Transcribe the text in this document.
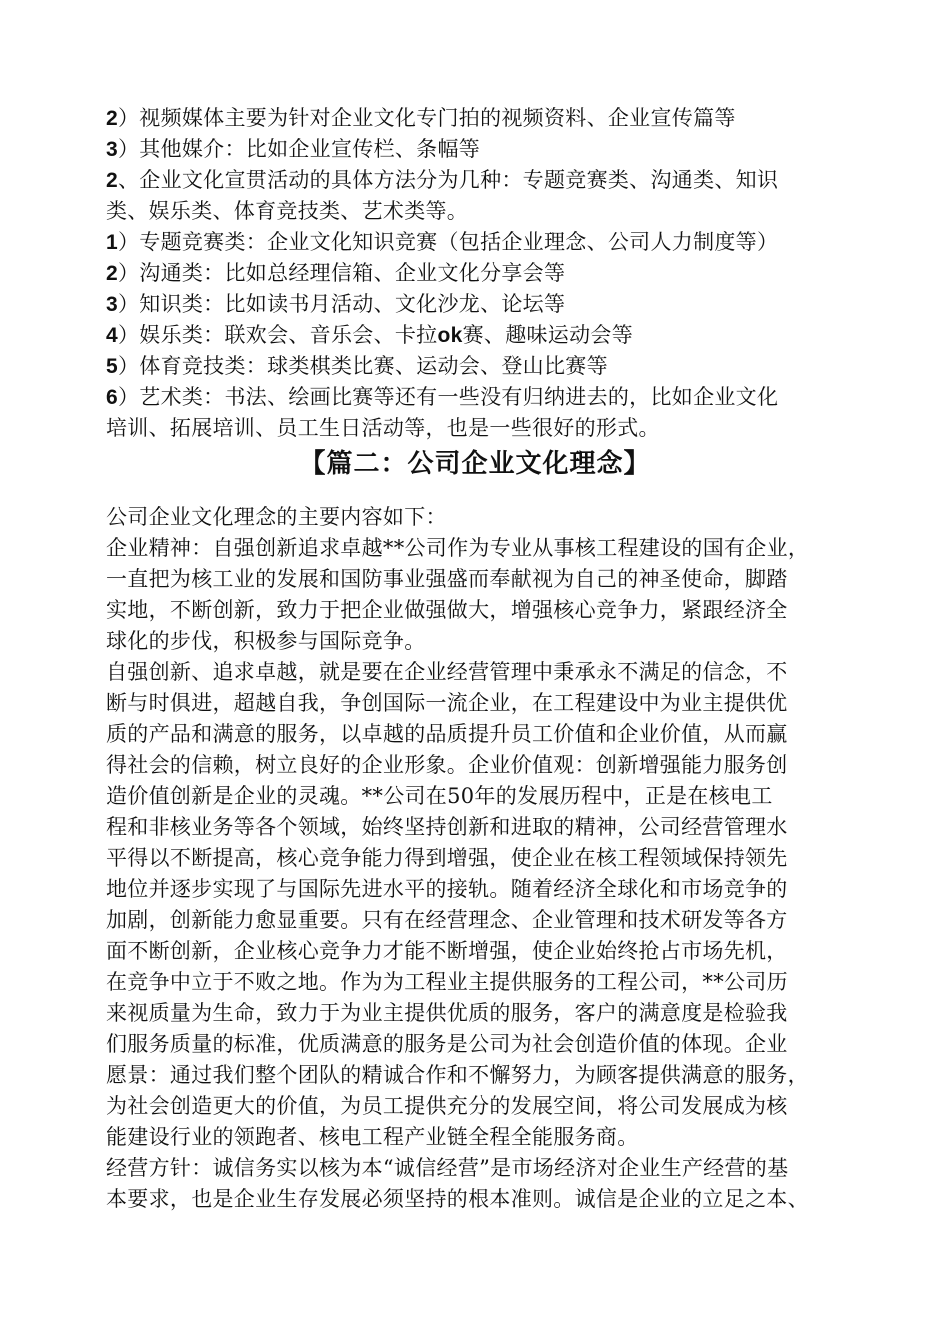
2）视频媒体主要为针对企业文化专门拍的视频资料、企业宣传篇等

3）其他媒介：比如企业宣传栏、条幅等

2、企业文化宣贯活动的具体方法分为几种：专题竞赛类、沟通类、知识

类、娱乐类、体育竞技类、艺术类等。

1）专题竞赛类：企业文化知识竞赛（包括企业理念、公司人力制度等）

2）沟通类：比如总经理信箱、企业文化分享会等

3）知识类：比如读书月活动、文化沙龙、论坛等

4）娱乐类：联欢会、音乐会、卡拉ok赛、趣味运动会等

5）体育竞技类：球类棋类比赛、运动会、登山比赛等

6）艺术类：书法、绘画比赛等还有一些没有归纳进去的，比如企业文化

培训、拓展培训、员工生日活动等，也是一些很好的形式。

【篇二：公司企业文化理念】

公司企业文化理念的主要内容如下：

企业精神：自强创新追求卓越**公司作为专业从事核工程建设的国有企业，

一直把为核工业的发展和国防事业强盛而奉献视为自己的神圣使命，脚踏

实地，不断创新，致力于把企业做强做大，增强核心竞争力，紧跟经济全

球化的步伐，积极参与国际竞争。

自强创新、追求卓越，就是要在企业经营管理中秉承永不满足的信念，不

断与时俱进，超越自我，争创国际一流企业，在工程建设中为业主提供优

质的产品和满意的服务，以卓越的品质提升员工价值和企业价值，从而赢

得社会的信赖，树立良好的企业形象。企业价值观：创新增强能力服务创

造价值创新是企业的灵魂。**公司在50年的发展历程中，正是在核电工

程和非核业务等各个领域，始终坚持创新和进取的精神，公司经营管理水

平得以不断提高，核心竞争能力得到增强，使企业在核工程领域保持领先

地位并逐步实现了与国际先进水平的接轨。随着经济全球化和市场竞争的

加剧，创新能力愈显重要。只有在经营理念、企业管理和技术研发等各方

面不断创新，企业核心竞争力才能不断增强，使企业始终抢占市场先机，

在竞争中立于不败之地。作为为工程业主提供服务的工程公司，**公司历

来视质量为生命，致力于为业主提供优质的服务，客户的满意度是检验我

们服务质量的标准，优质满意的服务是公司为社会创造价值的体现。企业

愿景：通过我们整个团队的精诚合作和不懈努力，为顾客提供满意的服务，

为社会创造更大的价值，为员工提供充分的发展空间，将公司发展成为核

能建设行业的领跑者、核电工程产业链全程全能服务商。

经营方针：诚信务实以核为本“诚信经营”是市场经济对企业生产经营的基

本要求，也是企业生存发展必须坚持的根本准则。诚信是企业的立足之本、
